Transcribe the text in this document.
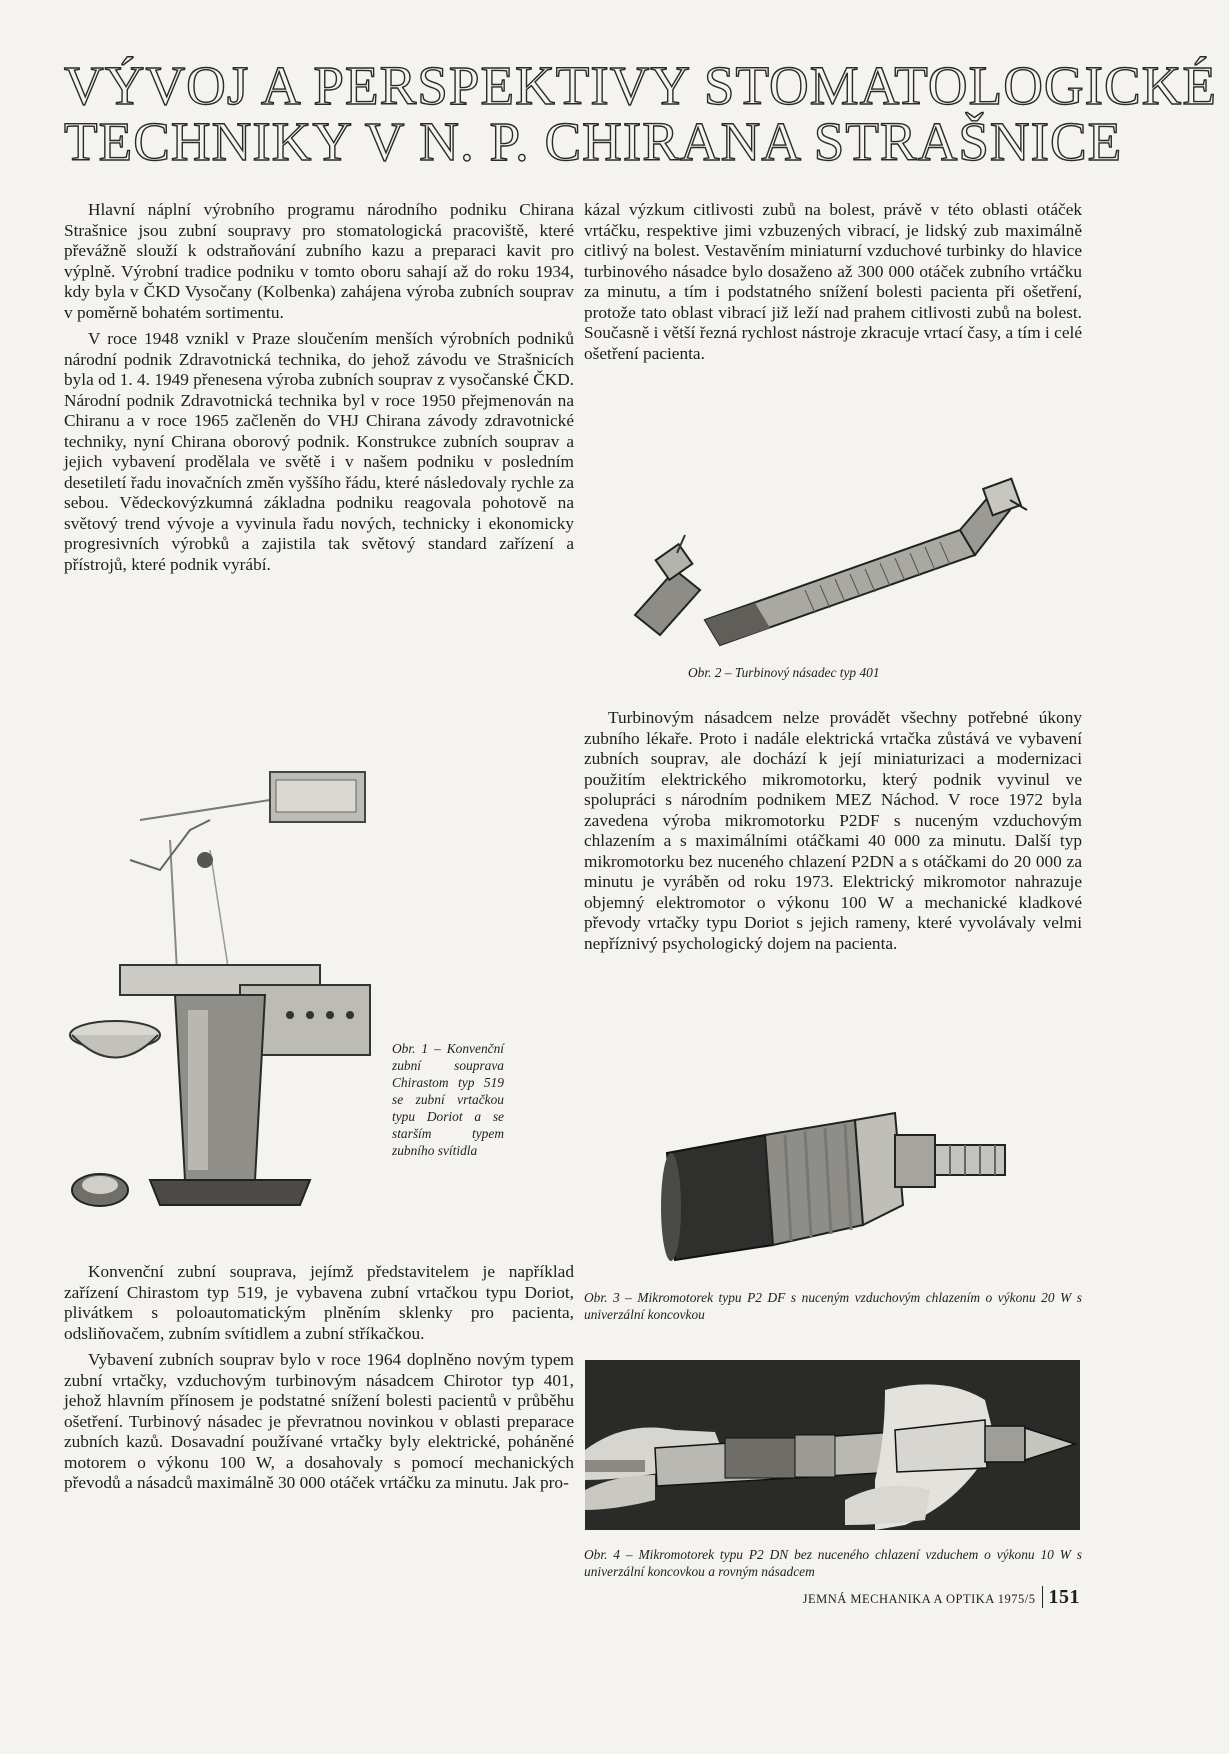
VÝVOJ A PERSPEKTIVY STOMATOLOGICKÉ
TECHNIKY V N. P. CHIRANA STRAŠNICE

Hlavní náplní výrobního programu národního podniku Chirana Strašnice jsou zubní soupravy pro stomatologická pracoviště, které převážně slouží k odstraňování zubního kazu a preparaci kavit pro výplně. Výrobní tradice podniku v tomto oboru sahají až do roku 1934, kdy byla v ČKD Vysočany (Kolbenka) zahájena výroba zubních souprav v poměrně bohatém sortimentu.

V roce 1948 vznikl v Praze sloučením menších výrobních podniků národní podnik Zdravotnická technika, do jehož závodu ve Strašnicích byla od 1. 4. 1949 přenesena výroba zubních souprav z vysočanské ČKD. Národní podnik Zdravotnická technika byl v roce 1950 přejmenován na Chiranu a v roce 1965 začleněn do VHJ Chirana závody zdravotnické techniky, nyní Chirana oborový podnik. Konstrukce zubních souprav a jejich vybavení prodělala ve světě i v našem podniku v posledním desetiletí řadu inovačních změn vyššího řádu, které následovaly rychle za sebou. Vědeckovýzkumná základna podniku reagovala pohotově na světový trend vývoje a vyvinula řadu nových, technicky i ekonomicky progresivních výrobků a zajistila tak světový standard zařízení a přístrojů, které podnik vyrábí.

Obr. 1 – Konvenční zubní souprava Chirastom typ 519 se zubní vrtačkou typu Doriot a se starším typem zubního svítidla

Konvenční zubní souprava, jejímž představitelem je například zařízení Chirastom typ 519, je vybavena zubní vrtačkou typu Doriot, plivátkem s poloautomatickým plněním sklenky pro pacienta, odsliňovačem, zubním svítidlem a zubní stříkačkou.

Vybavení zubních souprav bylo v roce 1964 doplněno novým typem zubní vrtačky, vzduchovým turbinovým násadcem Chirotor typ 401, jehož hlavním přínosem je podstatné snížení bolesti pacientů v průběhu ošetření. Turbinový násadec je převratnou novinkou v oblasti preparace zubních kazů. Dosavadní používané vrtačky byly elektrické, poháněné motorem o výkonu 100 W, a dosahovaly s pomocí mechanických převodů a násadců maximálně 30 000 otáček vrtáčku za minutu. Jak pro-

kázal výzkum citlivosti zubů na bolest, právě v této oblasti otáček vrtáčku, respektive jimi vzbuzených vibrací, je lidský zub maximálně citlivý na bolest. Vestavěním miniaturní vzduchové turbinky do hlavice turbinového násadce bylo dosaženo až 300 000 otáček zubního vrtáčku za minutu, a tím i podstatného snížení bolesti pacienta při ošetření, protože tato oblast vibrací již leží nad prahem citlivosti zubů na bolest. Současně i větší řezná rychlost nástroje zkracuje vrtací časy, a tím i celé ošetření pacienta.

Obr. 2 – Turbinový násadec typ 401

Turbinovým násadcem nelze provádět všechny potřebné úkony zubního lékaře. Proto i nadále elektrická vrtačka zůstává ve vybavení zubních souprav, ale dochází k její miniaturizaci a modernizaci použitím elektrického mikromotorku, který podnik vyvinul ve spolupráci s národním podnikem MEZ Náchod. V roce 1972 byla zavedena výroba mikromotorku P2DF s nuceným vzduchovým chlazením a s maximálními otáčkami 40 000 za minutu. Další typ mikromotorku bez nuceného chlazení P2DN a s otáčkami do 20 000 za minutu je vyráběn od roku 1973. Elektrický mikromotor nahrazuje objemný elektromotor o výkonu 100 W a mechanické kladkové převody vrtačky typu Doriot s jejich rameny, které vyvolávaly velmi nepříznivý psychologický dojem na pacienta.

Obr. 3 – Mikromotorek typu P2 DF s nuceným vzduchovým chlazením o výkonu 20 W s univerzální koncovkou
Obr. 4 – Mikromotorek typu P2 DN bez nuceného chlazení vzduchem o výkonu 10 W s univerzální koncovkou a rovným násadcem
JEMNÁ MECHANIKA A OPTIKA 1975/5 151
